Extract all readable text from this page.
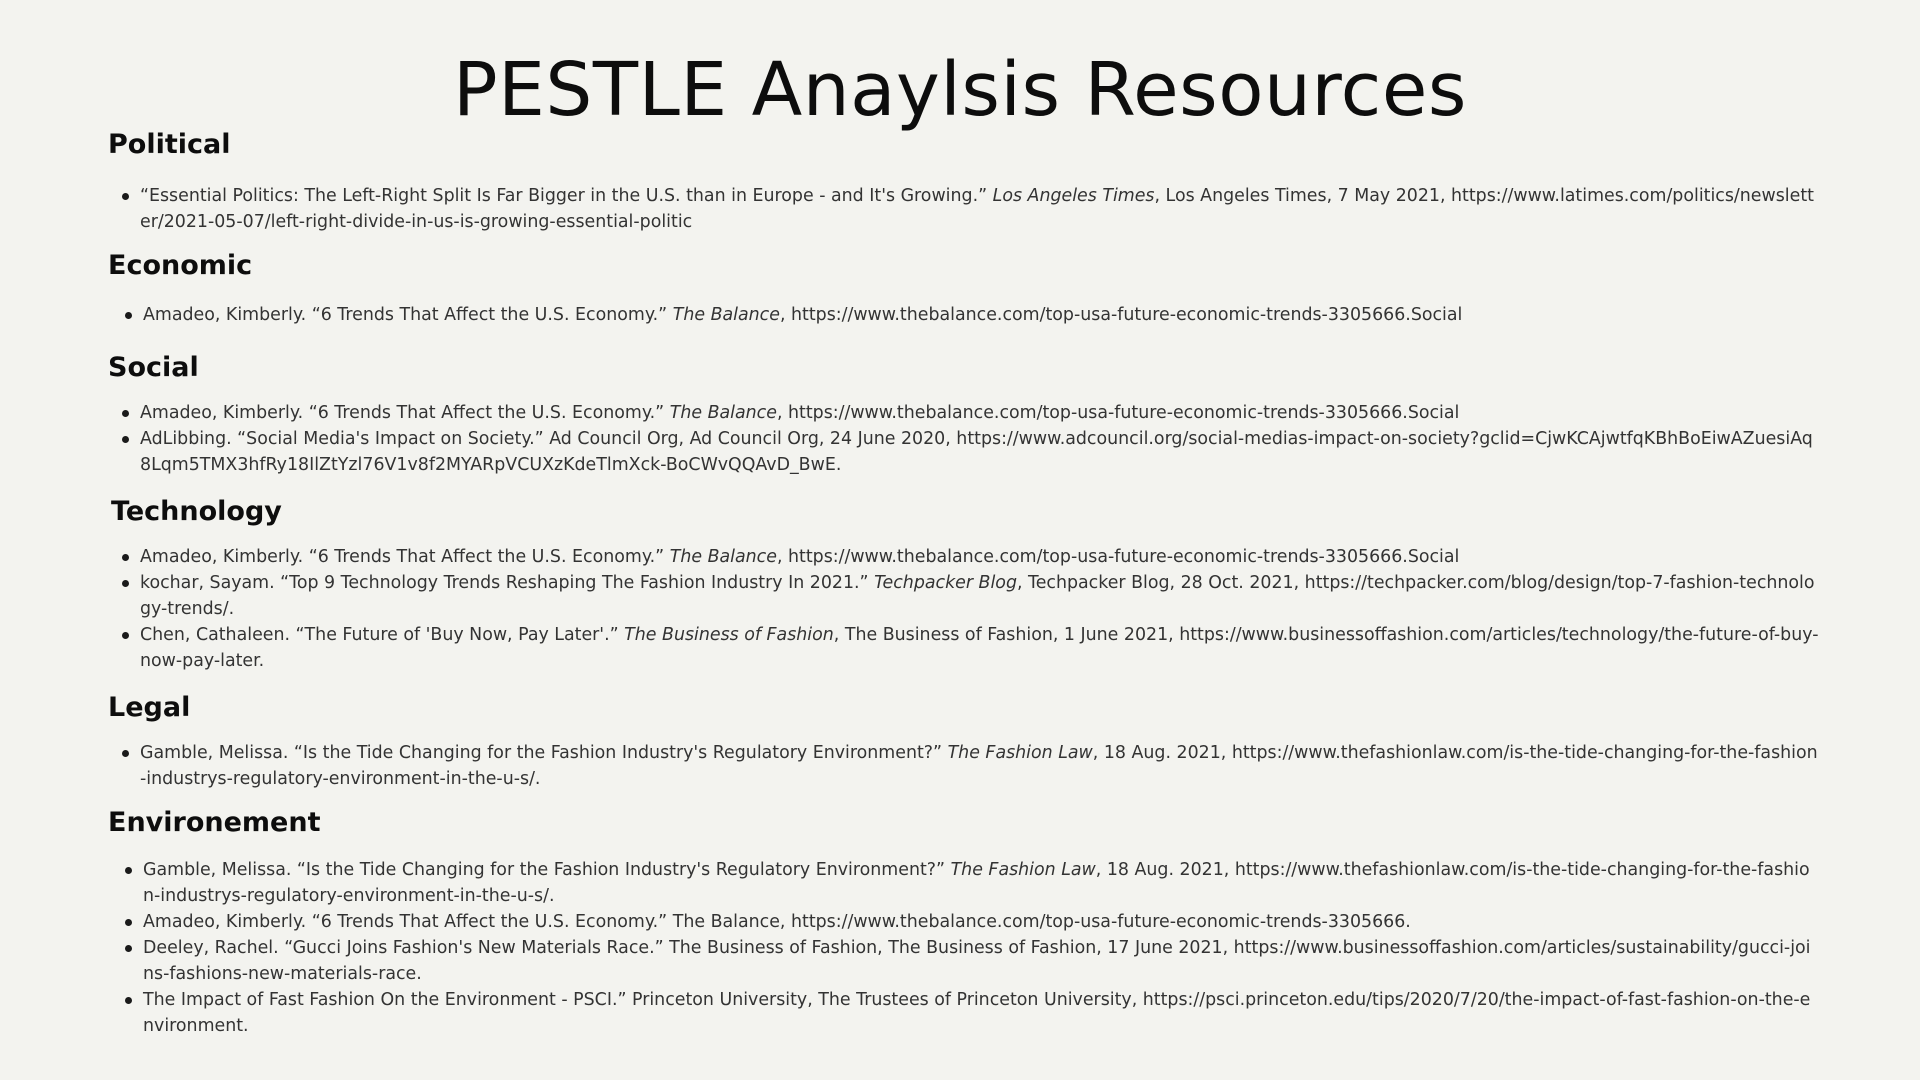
PESTLE Anaylsis Resources
Political
“Essential Politics: The Left-Right Split Is Far Bigger in the U.S. than in Europe - and It's Growing.” Los Angeles Times, Los Angeles Times, 7 May 2021, https://www.latimes.com/politics/newsletter/2021-05-07/left-right-divide-in-us-is-growing-essential-politic
Economic
Amadeo, Kimberly. “6 Trends That Affect the U.S. Economy.” The Balance, https://www.thebalance.com/top-usa-future-economic-trends-3305666.Social
Social
Amadeo, Kimberly. “6 Trends That Affect the U.S. Economy.” The Balance, https://www.thebalance.com/top-usa-future-economic-trends-3305666.Social
AdLibbing. “Social Media's Impact on Society.” Ad Council Org, Ad Council Org, 24 June 2020, https://www.adcouncil.org/social-medias-impact-on-society?gclid=CjwKCAjwtfqKBhBoEiwAZuesiAq8Lqm5TMX3hfRy18IlZtYzl76V1v8f2MYARpVCUXzKdeTlmXck-BoCWvQQAvD_BwE.
Technology
Amadeo, Kimberly. “6 Trends That Affect the U.S. Economy.” The Balance, https://www.thebalance.com/top-usa-future-economic-trends-3305666.Social
kochar, Sayam. “Top 9 Technology Trends Reshaping The Fashion Industry In 2021.” Techpacker Blog, Techpacker Blog, 28 Oct. 2021, https://techpacker.com/blog/design/top-7-fashion-technology-trends/.
Chen, Cathaleen. “The Future of 'Buy Now, Pay Later'.” The Business of Fashion, The Business of Fashion, 1 June 2021, https://www.businessoffashion.com/articles/technology/the-future-of-buy-now-pay-later.
Legal
Gamble, Melissa. “Is the Tide Changing for the Fashion Industry's Regulatory Environment?” The Fashion Law, 18 Aug. 2021, https://www.thefashionlaw.com/is-the-tide-changing-for-the-fashion-industrys-regulatory-environment-in-the-u-s/.
Environement
Gamble, Melissa. “Is the Tide Changing for the Fashion Industry's Regulatory Environment?” The Fashion Law, 18 Aug. 2021, https://www.thefashionlaw.com/is-the-tide-changing-for-the-fashion-industrys-regulatory-environment-in-the-u-s/.
Amadeo, Kimberly. “6 Trends That Affect the U.S. Economy.” The Balance, https://www.thebalance.com/top-usa-future-economic-trends-3305666.
Deeley, Rachel. “Gucci Joins Fashion's New Materials Race.” The Business of Fashion, The Business of Fashion, 17 June 2021, https://www.businessoffashion.com/articles/sustainability/gucci-joins-fashions-new-materials-race.
The Impact of Fast Fashion On the Environment - PSCI.” Princeton University, The Trustees of Princeton University, https://psci.princeton.edu/tips/2020/7/20/the-impact-of-fast-fashion-on-the-environment.
